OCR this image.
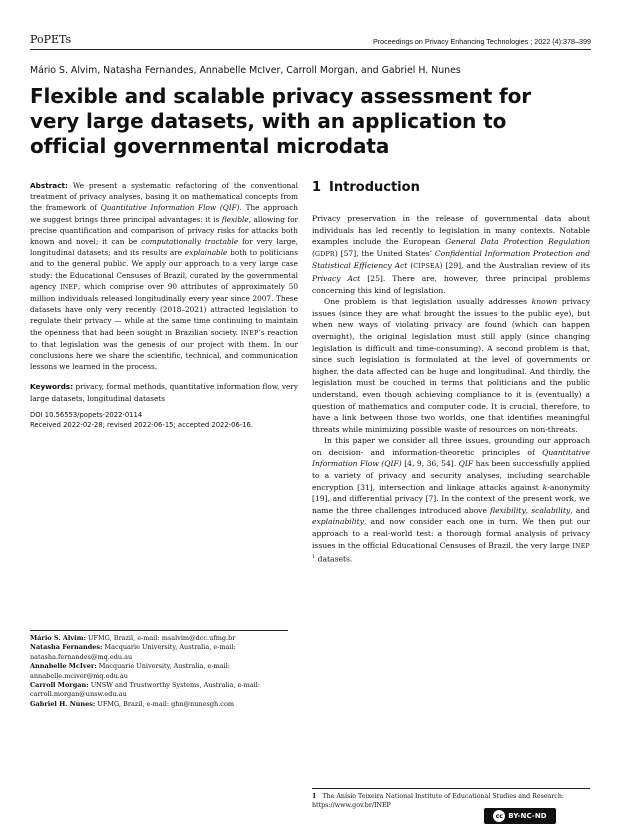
PoPETs	Proceedings on Privacy Enhancing Technologies ; 2022 (4):378–399
Mário S. Alvim, Natasha Fernandes, Annabelle McIver, Carroll Morgan, and Gabriel H. Nunes
Flexible and scalable privacy assessment for very large datasets, with an application to official governmental microdata

Abstract: We present a systematic refactoring of the conventional treatment of privacy analyses, basing it on mathematical concepts from the framework of Quantitative Information Flow (QIF). The approach we suggest brings three principal advantages: it is flexible, allowing for precise quantification and comparison of privacy risks for attacks both known and novel; it can be computationally tractable for very large, longitudinal datasets; and its results are explainable both to politicians and to the general public. We apply our approach to a very large case study: the Educational Censuses of Brazil, curated by the governmental agency INEP, which comprise over 90 attributes of approximately 50 million individuals released longitudinally every year since 2007. These datasets have only very recently (2018–2021) attracted legislation to regulate their privacy — while at the same time continuing to maintain the openness that had been sought in Brazilian society. INEP’s reaction to that legislation was the genesis of our project with them. In our conclusions here we share the scientific, technical, and communication lessons we learned in the process.

Keywords: privacy, formal methods, quantitative information flow, very large datasets, longitudinal datasets

DOI 10.56553/popets-2022-0114

Received 2022-02-28; revised 2022-06-15; accepted 2022-06-16.

Mário S. Alvim: UFMG, Brazil, e-mail: msalvim@dcc.ufmg.br

Natasha Fernandes: Macquarie University, Australia, e-mail: natasha.fernandes@mq.edu.au

Annabelle McIver: Macquarie University, Australia, e-mail: annabelle.mciver@mq.edu.au

Carroll Morgan: UNSW and Trustworthy Systems, Australia, e-mail: carroll.morgan@unsw.edu.au

Gabriel H. Nunes: UFMG, Brazil, e-mail: ghn@nunesgh.com

1 Introduction

Privacy preservation in the release of governmental data about individuals has led recently to legislation in many contexts. Notable examples include the European General Data Protection Regulation (GDPR) [57], the United States’ Confidential Information Protection and Statistical Efficiency Act (CIPSEA) [29], and the Australian review of its Privacy Act [25]. There are, however, three principal problems concerning this kind of legislation.

One problem is that legislation usually addresses known privacy issues (since they are what brought the issues to the public eye), but when new ways of violating privacy are found (which can happen overnight), the original legislation must still apply (since changing legislation is difficult and time-consuming). A second problem is that, since such legislation is formulated at the level of governments or higher, the data affected can be huge and longitudinal. And thirdly, the legislation must be couched in terms that politicians and the public understand, even though achieving compliance to it is (eventually) a question of mathematics and computer code. It is crucial, therefore, to have a link between those two worlds, one that identifies meaningful threats while minimizing possible waste of resources on non-threats.

In this paper we consider all three issues, grounding our approach on decision- and information-theoretic principles of Quantitative Information Flow (QIF) [4, 9, 36, 54]. QIF has been successfully applied to a variety of privacy and security analyses, including searchable encryption [31], intersection and linkage attacks against k-anonymity [19], and differential privacy [7]. In the context of the present work, we name the three challenges introduced above flexibility, scalability, and explainability, and now consider each one in turn. We then put our approach to a real-world test: a thorough formal analysis of privacy issues in the official Educational Censuses of Brazil, the very large INEP $^1$ datasets.

1 The Anísio Teixeira National Institute of Educational Studies and Research: https://www.gov.br/INEP
cc BY-NC-ND
